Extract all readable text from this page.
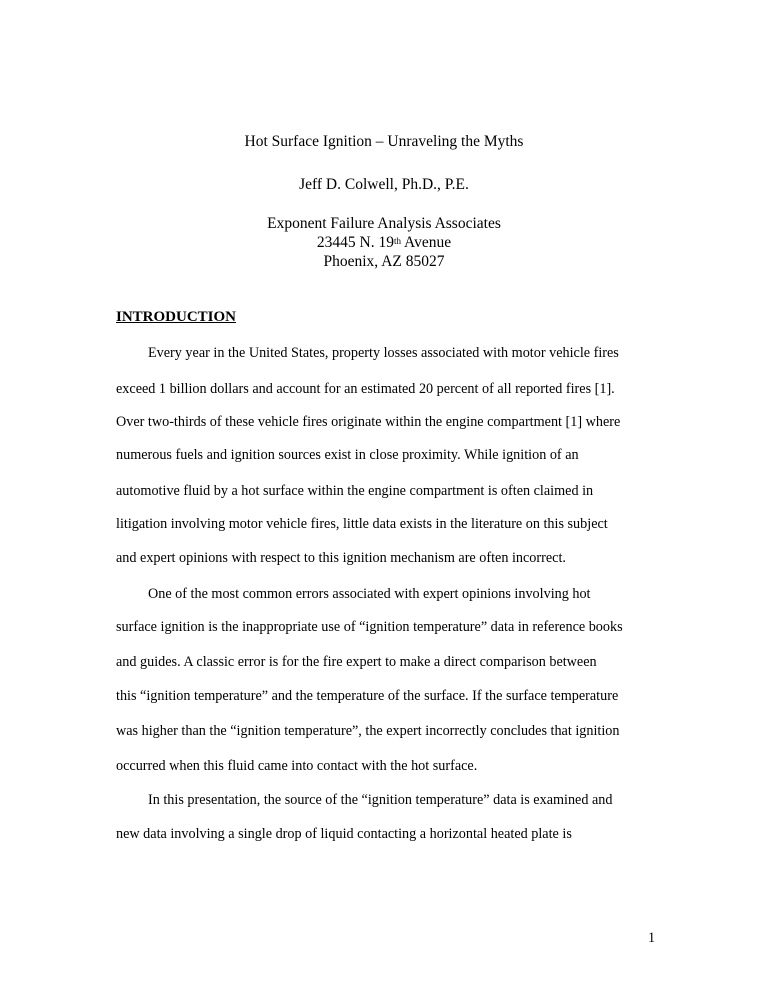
Hot Surface Ignition – Unraveling the Myths
Jeff D. Colwell, Ph.D., P.E.
Exponent Failure Analysis Associates
23445 N. 19th Avenue
Phoenix, AZ 85027
INTRODUCTION
Every year in the United States, property losses associated with motor vehicle fires
exceed 1 billion dollars and account for an estimated 20 percent of all reported fires [1].
Over two-thirds of these vehicle fires originate within the engine compartment [1] where
numerous fuels and ignition sources exist in close proximity. While ignition of an
automotive fluid by a hot surface within the engine compartment is often claimed in
litigation involving motor vehicle fires, little data exists in the literature on this subject
and expert opinions with respect to this ignition mechanism are often incorrect.
One of the most common errors associated with expert opinions involving hot
surface ignition is the inappropriate use of “ignition temperature” data in reference books
and guides. A classic error is for the fire expert to make a direct comparison between
this “ignition temperature” and the temperature of the surface. If the surface temperature
was higher than the “ignition temperature”, the expert incorrectly concludes that ignition
occurred when this fluid came into contact with the hot surface.
In this presentation, the source of the “ignition temperature” data is examined and
new data involving a single drop of liquid contacting a horizontal heated plate is
1
